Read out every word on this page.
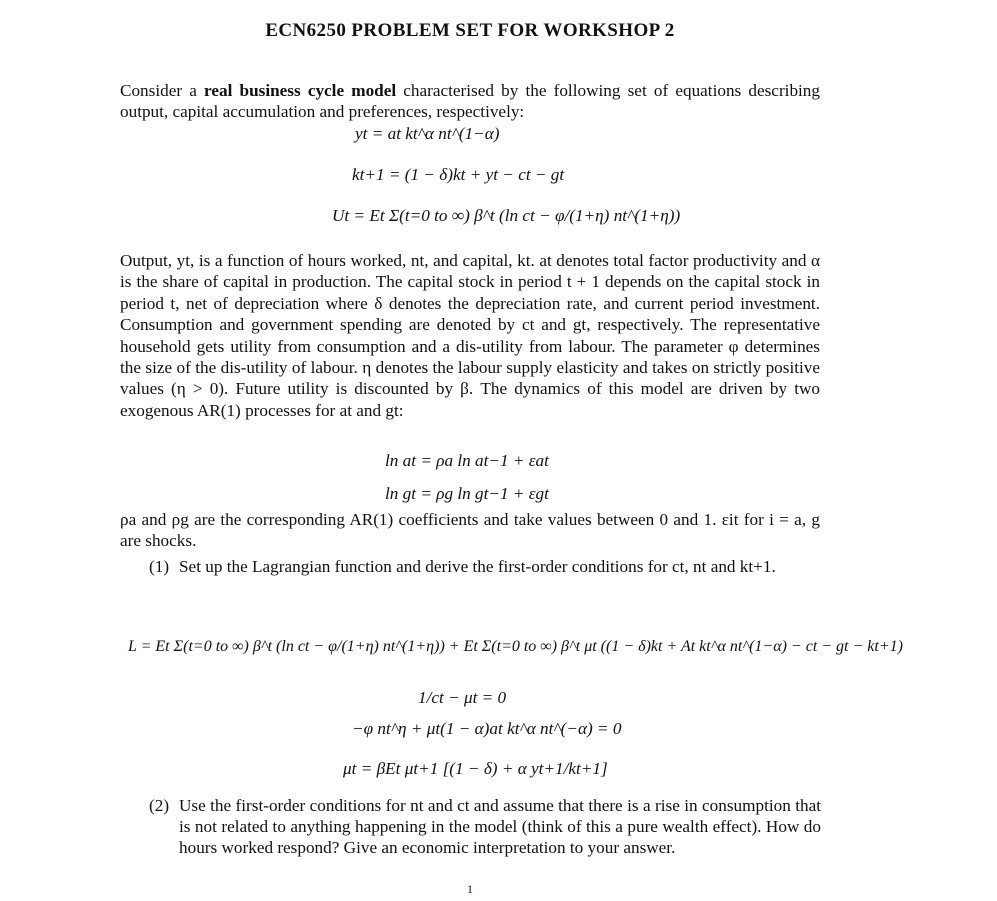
ECN6250 PROBLEM SET FOR WORKSHOP 2
Consider a real business cycle model characterised by the following set of equations describing output, capital accumulation and preferences, respectively:
yt = at kt^α nt^(1−α)
kt+1 = (1 − δ)kt + yt − ct − gt
Ut = Et Σ(t=0 to ∞) β^t (ln ct − φ/(1+η) nt^(1+η))
Output, yt, is a function of hours worked, nt, and capital, kt. at denotes total factor productivity and α is the share of capital in production. The capital stock in period t + 1 depends on the capital stock in period t, net of depreciation where δ denotes the depreciation rate, and current period investment. Consumption and government spending are denoted by ct and gt, respectively. The representative household gets utility from consumption and a dis-utility from labour. The parameter φ determines the size of the dis-utility of labour. η denotes the labour supply elasticity and takes on strictly positive values (η > 0). Future utility is discounted by β. The dynamics of this model are driven by two exogenous AR(1) processes for at and gt:
ln at = ρa ln at−1 + εat
ln gt = ρg ln gt−1 + εgt
ρa and ρg are the corresponding AR(1) coefficients and take values between 0 and 1. εit for i = a, g are shocks.
(1) Set up the Lagrangian function and derive the first-order conditions for ct, nt and kt+1.
L = Et Σ(t=0 to ∞) β^t (ln ct − φ/(1+η) nt^(1+η)) + Et Σ(t=0 to ∞) β^t μt ((1 − δ)kt + At kt^α nt^(1−α) − ct − gt − kt+1)
1/ct − μt = 0
−φ nt^η + μt(1 − α)at kt^α nt^(−α) = 0
μt = βEt μt+1 [(1 − δ) + α yt+1/kt+1]
(2) Use the first-order conditions for nt and ct and assume that there is a rise in consumption that is not related to anything happening in the model (think of this a pure wealth effect). How do hours worked respond? Give an economic interpretation to your answer.
1
